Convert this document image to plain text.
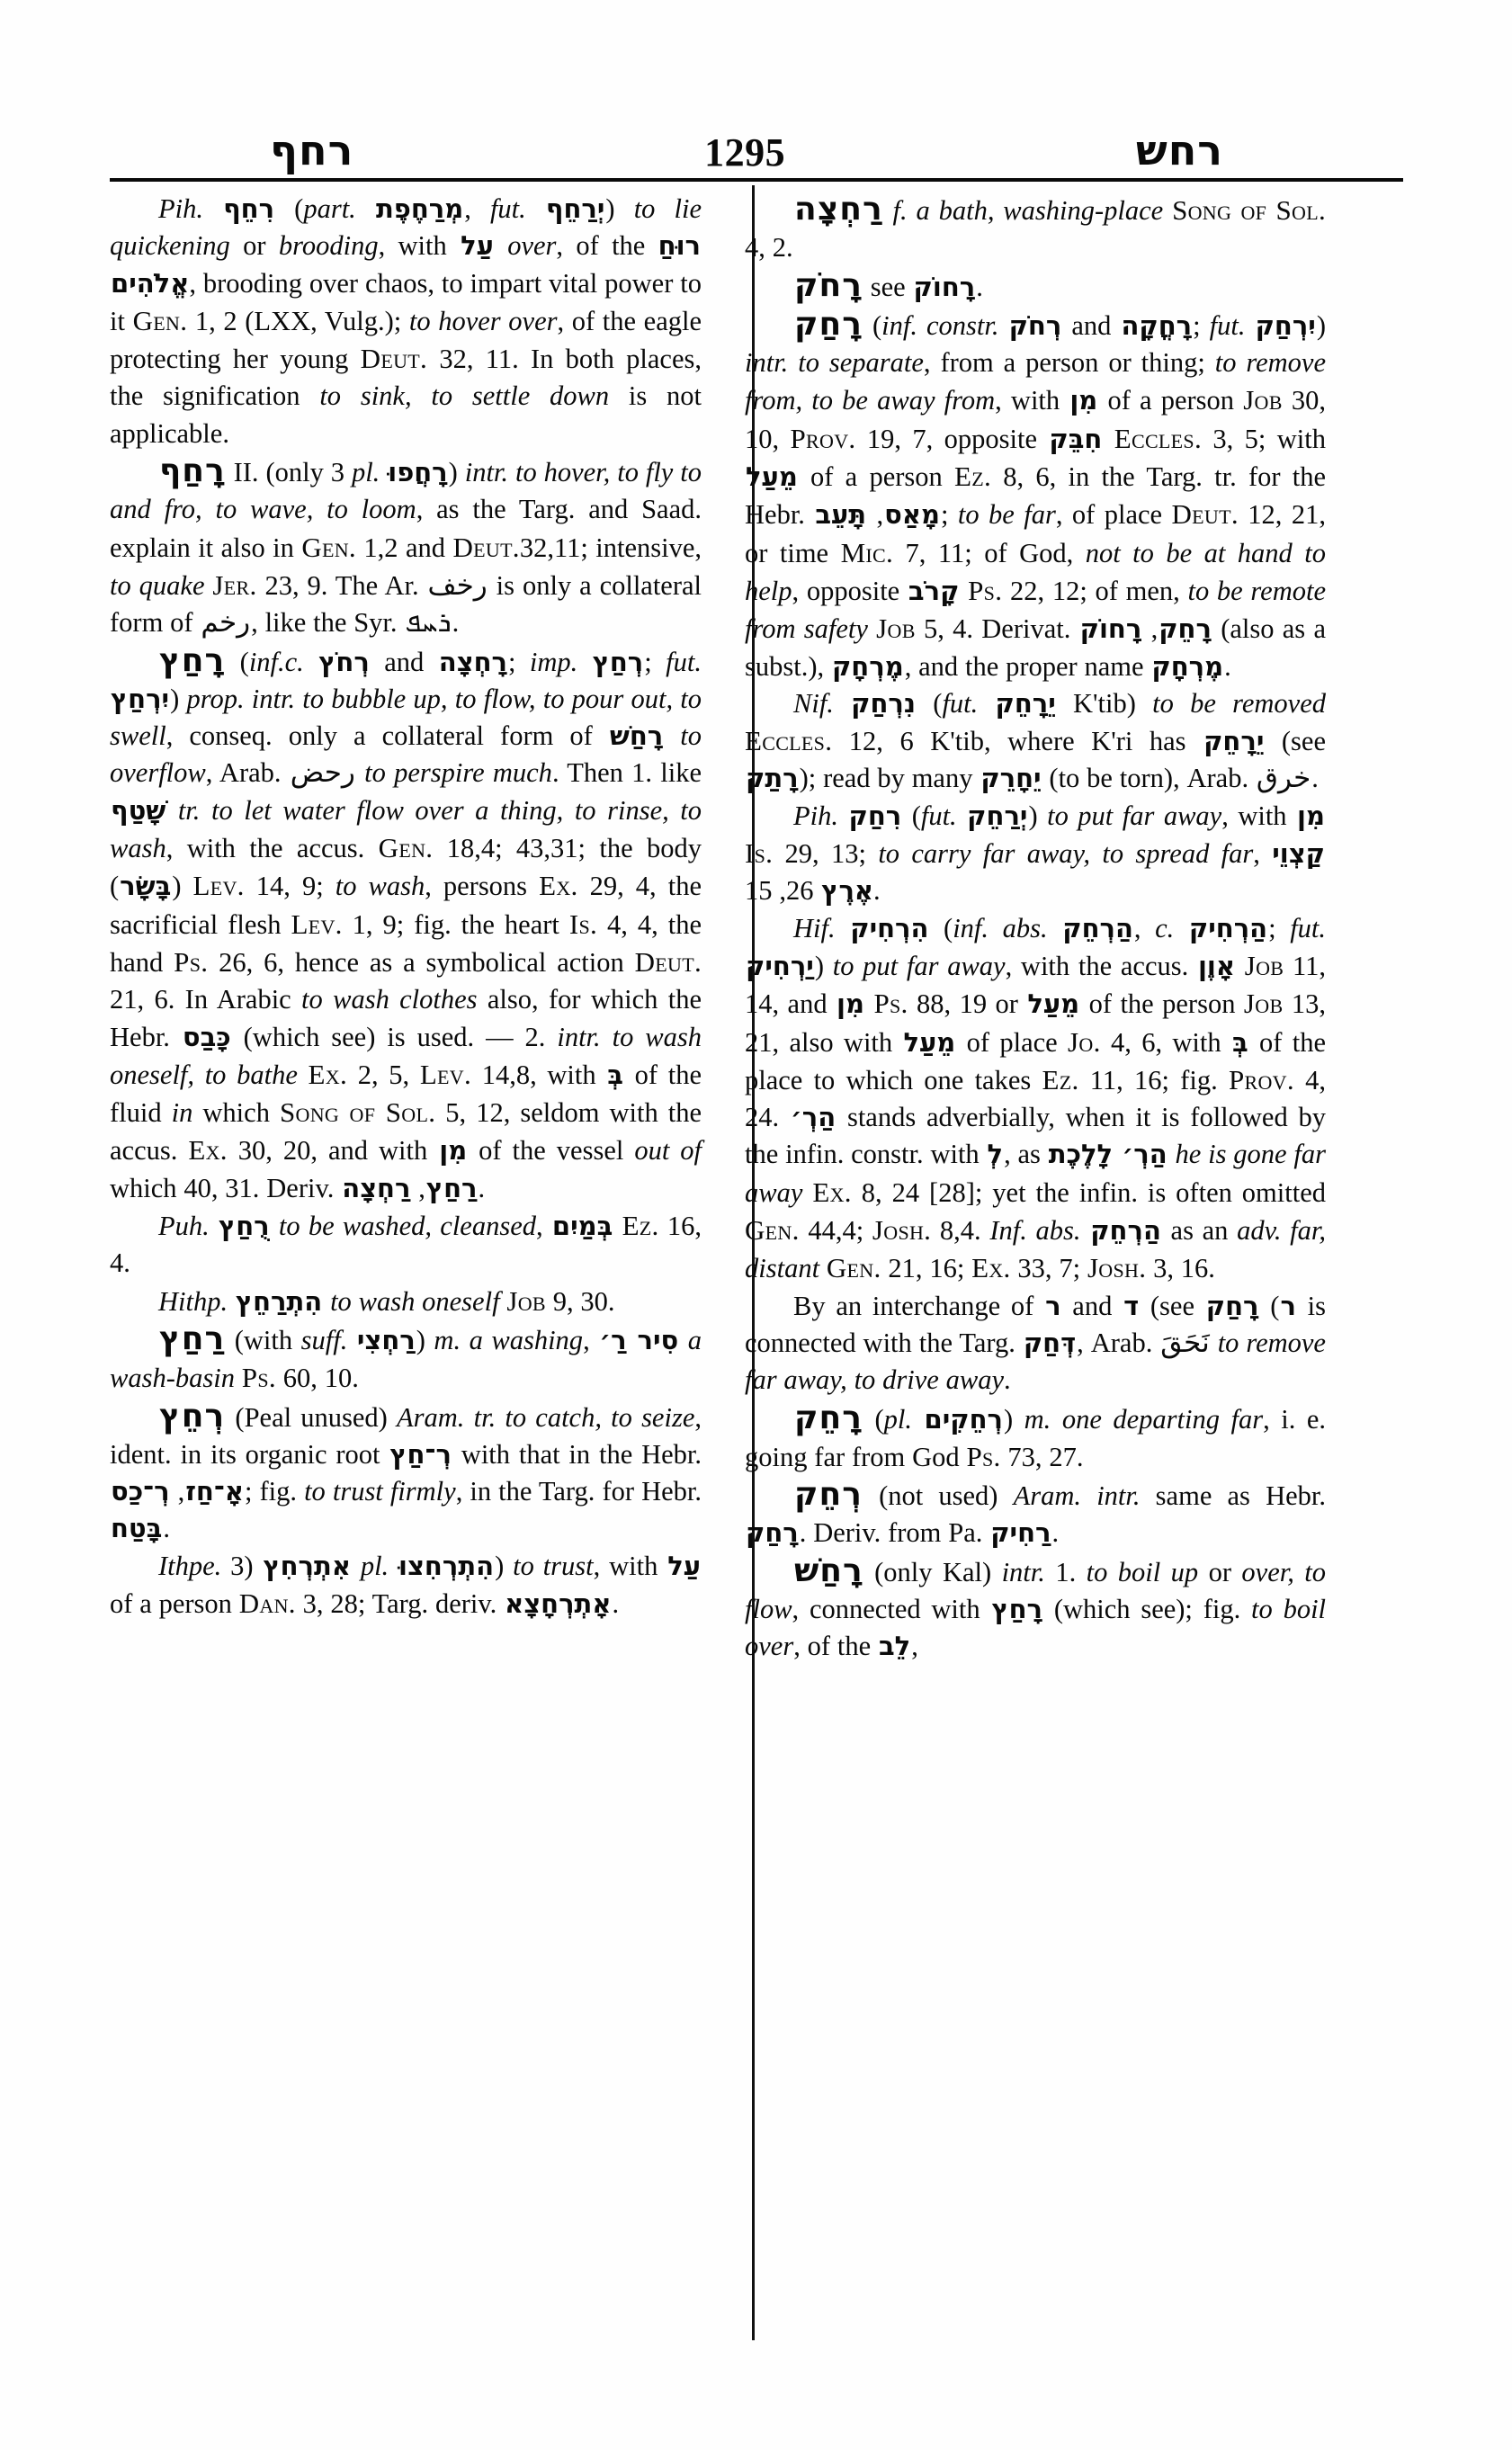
רחף	1295	רחש

Pih. רִחֵף (part. מְרַחֶפֶת, fut. יְרַחֵף) to lie quickening or brooding, with עַל over, of the רוּחַ אֱלֹהִים, brooding over chaos, to impart vital power to it Gen. 1, 2 (LXX, Vulg.); to hover over, of the eagle protecting her young Deut. 32, 11. In both places, the signification to sink, to settle down is not applicable.

רָחַף II. (only 3 pl. רָחֲפוּ) intr. to hover, to fly to and fro, to wave, to loom, as the Targ. and Saad. explain it also in Gen. 1,2 and Deut.32,11; intensive, to quake Jer. 23, 9. The Ar. رخف is only a collateral form of رخم, like the Syr. ܪܚܦ.

רָחַץ (inf.c. רְחֹץ and רָחְצָה; imp. רְחַץ; fut. יִרְחַץ) prop. intr. to bubble up, to flow, to pour out, to swell, conseq. only a collateral form of רָחַשׁ to overflow, Arab. رحض to perspire much. Then 1. like שָׁטַף tr. to let water flow over a thing, to rinse, to wash, with the accus. Gen. 18,4; 43,31; the body (בָּשָׂר) Lev. 14, 9; to wash, persons Ex. 29, 4, the sacrificial flesh Lev. 1, 9; fig. the heart Is. 4, 4, the hand Ps. 26, 6, hence as a symbolical action Deut. 21, 6. In Arabic to wash clothes also, for which the Hebr. כָּבַס (which see) is used. — 2. intr. to wash oneself, to bathe Ex. 2, 5, Lev. 14,8, with בְּ of the fluid in which Song of Sol. 5, 12, seldom with the accus. Ex. 30, 20, and with מִן of the vessel out of which 40, 31. Deriv.	רַחַץ, רַחְצָה .

Puh. רֻחַץ to be washed, cleansed, בְּמַיִם Ez. 16, 4.

Hithp. הִתְרַחֵץ to wash oneself Job 9, 30.

רַחַץ (with suff. רַחְצִי) m. a washing, סִיר רַ׳ a wash-basin Ps. 60, 10.

רְחֵץ (Peal unused) Aram. tr. to catch, to seize, ident. in its organic root רְ־חַץ with that in the Hebr. אָ־חַז, רְ־כַס	; fig. to trust firmly, in the Targ. for Hebr. בָּטַח.

Ithpe. אִתְרְחִץ (3 pl. הִתְרְחִצוּ) to trust, with עַל of a person Dan. 3, 28; Targ. deriv. אָתְרְחָצָא.

רַחְצָה f. a bath, washing-place Song of Sol. 4, 2.

רָחֹק see רָחוֹק.

רָחַק (inf. constr. רְחֹק and רָחֳקָה; fut. יִרְחַק) intr. to separate, from a person or thing; to remove from, to be away from, with מִן of a person Job 30, 10, Prov. 19, 7, opposite חִבֵּק Eccles. 3, 5; with מֵעַל of a person Ez. 8, 6, in the Targ. tr. for the Hebr.	מָאַס, תָּעֵב	; to be far, of place Deut. 12, 21, or time Mic. 7, 11; of God, not to be at hand to help, opposite קָרֹב Ps. 22, 12; of men, to be remote from safety Job 5, 4. Derivat.	רָחֵק, רָחוֹק	(also as a subst.), מֶרְחָק, and the proper name מֶרְחָק.

Nif. נִרְחַק (fut. יֵרָחֵק K'tib) to be removed Eccles. 12, 6 K'tib, where K'ri has יֵרָחֵק (see רָתַק); read by many יֵחָרֵק (to be torn), Arab. خرق.

Pih. רִחַק (fut. יְרַחֵק) to put far away, with מִן Is. 29, 13; to carry far away, to spread far, קַצְוֵי אֶרֶץ 26, 15.

Hif. הִרְחִיק (inf. abs. הַרְחֵק, c. הַרְחִיק; fut. יַרְחִיק) to put far away, with the accus. אָוֶן Job 11, 14, and מִן Ps. 88, 19 or מֵעַל of the person Job 13, 21, also with מֵעַל of place Jo. 4, 6, with בְּ of the place to which one takes Ez. 11, 16; fig. Prov. 4, 24. הַרְ׳ stands adverbially, when it is followed by the infin. constr. with לְ, as הַרְ׳ לָלֶכֶת he is gone far away Ex. 8, 24 [28]; yet the infin. is often omitted Gen. 44,4; Josh. 8,4. Inf. abs. הַרְחֵק as an adv. far, distant Gen. 21, 16; Ex. 33, 7; Josh. 3, 16.

By an interchange of ר and ד (see	ר) רָחַק is connected with the Targ. דְּחַק, Arab. نَحَقَ to remove far away, to drive away.

רָחֵק (pl. רְחֵקִים) m. one departing far, i. e. going far from God Ps. 73, 27.

רְחֵק (not used) Aram. intr. same as Hebr. רָחַק. Deriv. from Pa. רַחִיק.

רָחַשׁ (only Kal) intr. 1. to boil up or over, to flow, connected with רָחַץ (which see); fig. to boil over, of the לֵב,
